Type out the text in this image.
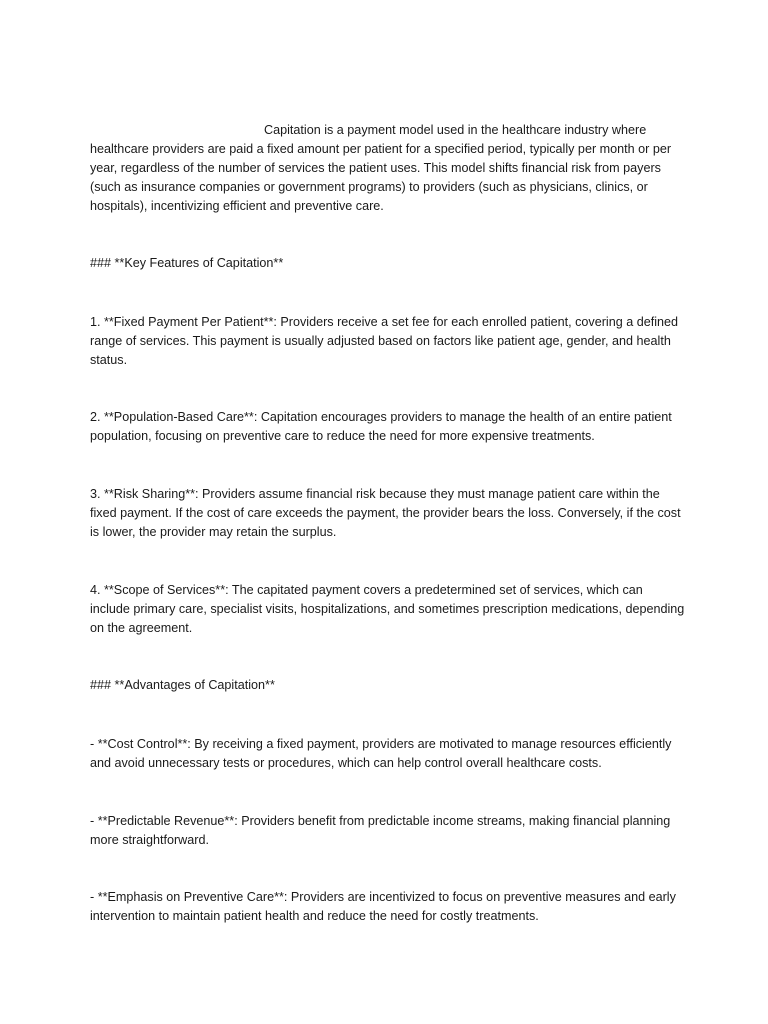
Capitation is a payment model used in the healthcare industry where healthcare providers are paid a fixed amount per patient for a specified period, typically per month or per year, regardless of the number of services the patient uses. This model shifts financial risk from payers (such as insurance companies or government programs) to providers (such as physicians, clinics, or hospitals), incentivizing efficient and preventive care.

### **Key Features of Capitation**

1. **Fixed Payment Per Patient**: Providers receive a set fee for each enrolled patient, covering a defined range of services. This payment is usually adjusted based on factors like patient age, gender, and health status.

2. **Population-Based Care**: Capitation encourages providers to manage the health of an entire patient population, focusing on preventive care to reduce the need for more expensive treatments.

3. **Risk Sharing**: Providers assume financial risk because they must manage patient care within the fixed payment. If the cost of care exceeds the payment, the provider bears the loss. Conversely, if the cost is lower, the provider may retain the surplus.

4. **Scope of Services**: The capitated payment covers a predetermined set of services, which can include primary care, specialist visits, hospitalizations, and sometimes prescription medications, depending on the agreement.

### **Advantages of Capitation**

- **Cost Control**: By receiving a fixed payment, providers are motivated to manage resources efficiently and avoid unnecessary tests or procedures, which can help control overall healthcare costs.

- **Predictable Revenue**: Providers benefit from predictable income streams, making financial planning more straightforward.

- **Emphasis on Preventive Care**: Providers are incentivized to focus on preventive measures and early intervention to maintain patient health and reduce the need for costly treatments.
